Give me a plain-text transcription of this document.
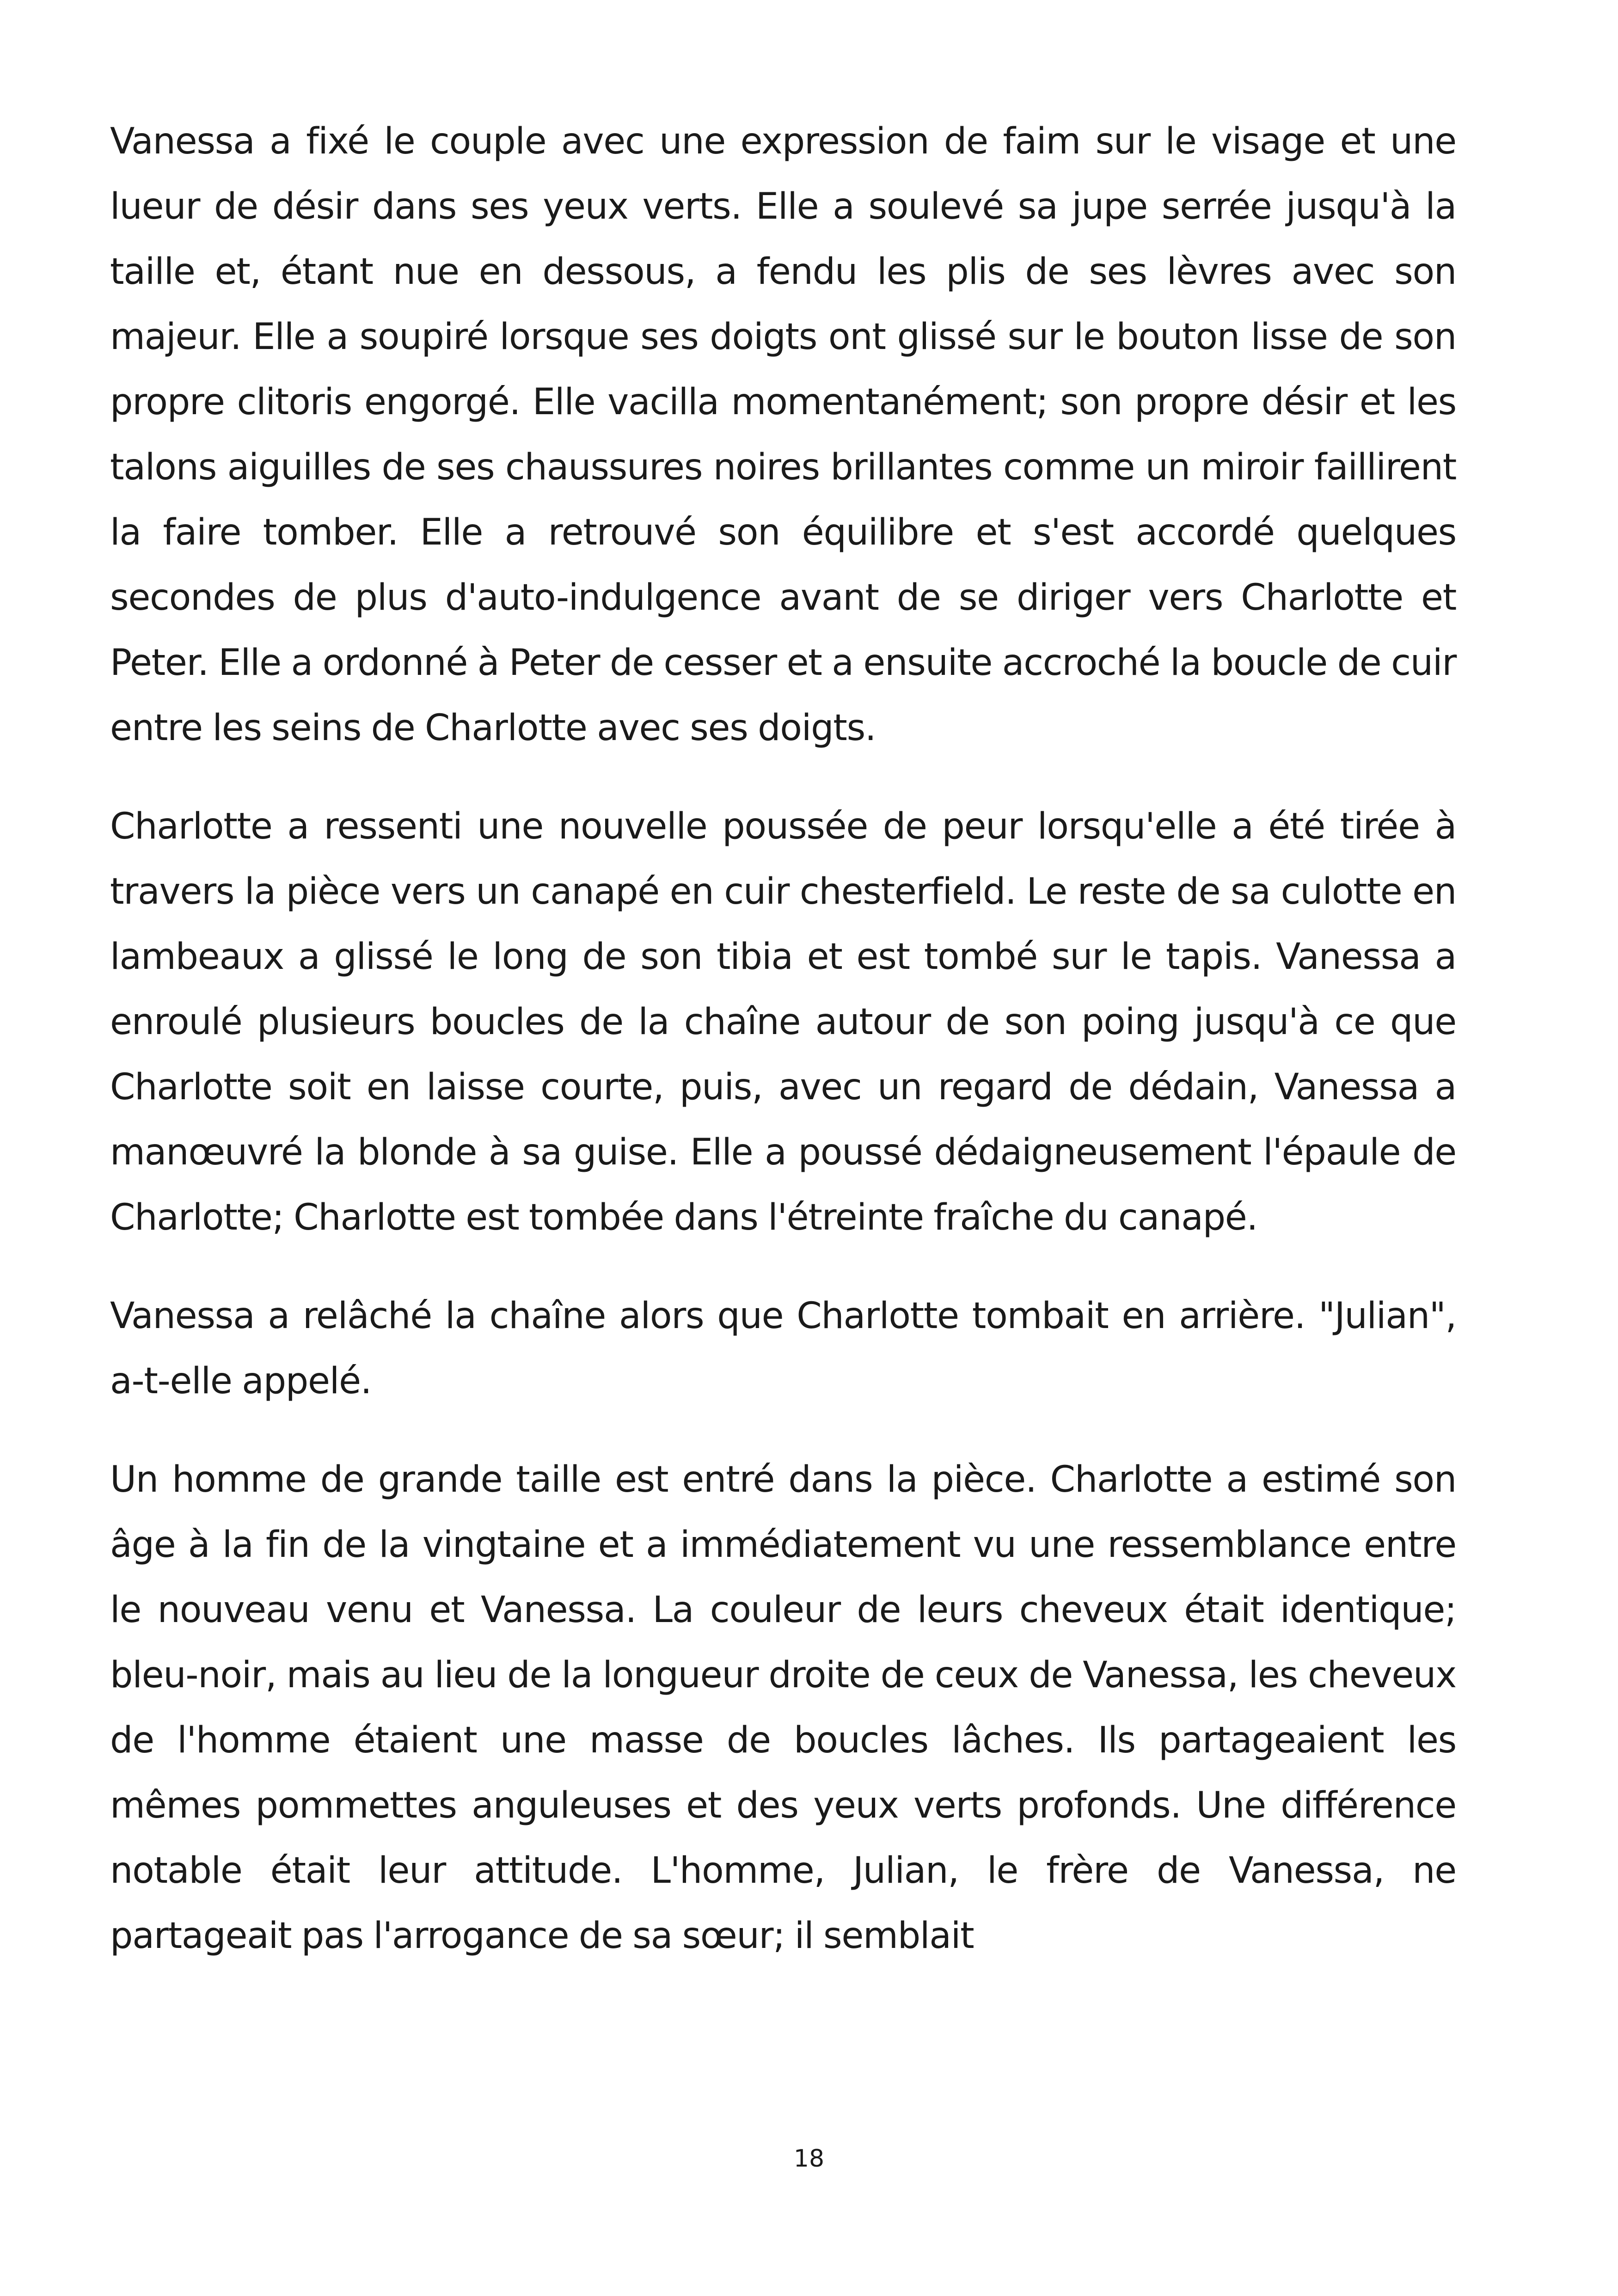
Vanessa a fixé le couple avec une expression de faim sur le visage et une lueur de désir dans ses yeux verts. Elle a soulevé sa jupe serrée jusqu'à la taille et, étant nue en dessous, a fendu les plis de ses lèvres avec son majeur. Elle a soupiré lorsque ses doigts ont glissé sur le bouton lisse de son propre clitoris engorgé. Elle vacilla momentanément; son propre désir et les talons aiguilles de ses chaussures noires brillantes comme un miroir faillirent la faire tomber. Elle a retrouvé son équilibre et s'est accordé quelques secondes de plus d'auto-indulgence avant de se diriger vers Charlotte et Peter. Elle a ordonné à Peter de cesser et a ensuite accroché la boucle de cuir entre les seins de Charlotte avec ses doigts.

Charlotte a ressenti une nouvelle poussée de peur lorsqu'elle a été tirée à travers la pièce vers un canapé en cuir chesterfield. Le reste de sa culotte en lambeaux a glissé le long de son tibia et est tombé sur le tapis. Vanessa a enroulé plusieurs boucles de la chaîne autour de son poing jusqu'à ce que Charlotte soit en laisse courte, puis, avec un regard de dédain, Vanessa a manœuvré la blonde à sa guise. Elle a poussé dédaigneusement l'épaule de Charlotte; Charlotte est tombée dans l'étreinte fraîche du canapé.

Vanessa a relâché la chaîne alors que Charlotte tombait en arrière. "Julian", a-t-elle appelé.

Un homme de grande taille est entré dans la pièce. Charlotte a estimé son âge à la fin de la vingtaine et a immédiatement vu une ressemblance entre le nouveau venu et Vanessa. La couleur de leurs cheveux était identique; bleu-noir, mais au lieu de la longueur droite de ceux de Vanessa, les cheveux de l'homme étaient une masse de boucles lâches. Ils partageaient les mêmes pommettes anguleuses et des yeux verts profonds. Une différence notable était leur attitude. L'homme, Julian, le frère de Vanessa, ne partageait pas l'arrogance de sa sœur; il semblait

18
